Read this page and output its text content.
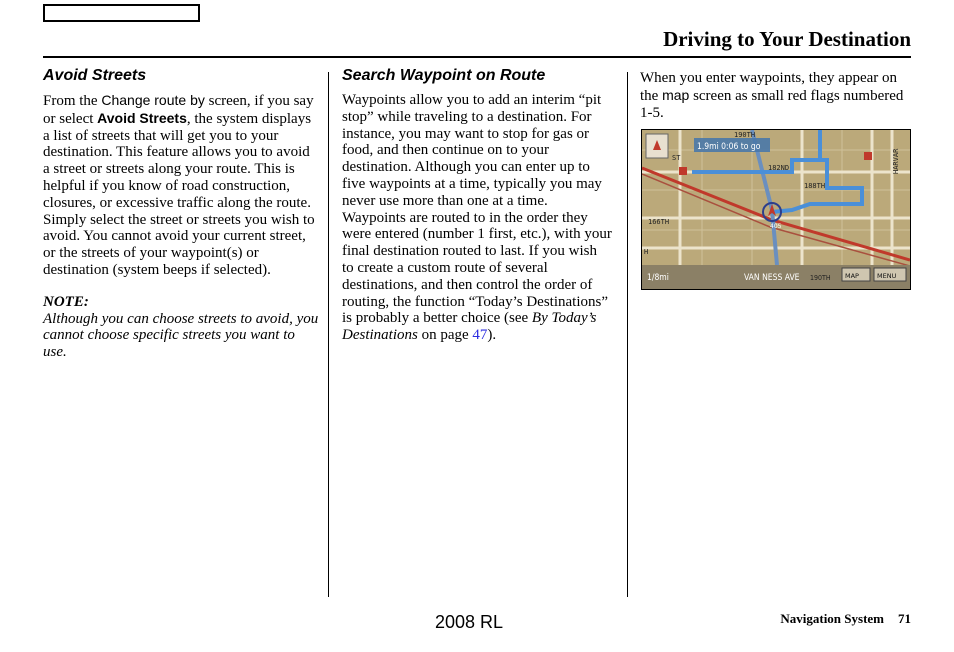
Driving to Your Destination
Avoid Streets

From the Change route by screen, if you say or select Avoid Streets, the system displays a list of streets that will get you to your destination. This feature allows you to avoid a street or streets along your route. This is helpful if you know of road construction, closures, or excessive traffic along the route. Simply select the street or streets you wish to avoid. You cannot avoid your current street, or the streets of your waypoint(s) or destination (system beeps if selected).

NOTE:

Although you can choose streets to avoid, you cannot choose specific streets you want to use.

Search Waypoint on Route

Waypoints allow you to add an interim “pit stop” while traveling to a destination. For instance, you may want to stop for gas or food, and then continue on to your destination. Although you can enter up to five waypoints at a time, typically you may never use more than one at a time. Waypoints are routed to in the order they were entered (number 1 first, etc.), with your final destination routed to last. If you wish to create a custom route of several destinations, and then control the order of routing, the function “Today’s Destinations” is probably a better choice (see By Today’s Destinations on page 47).

When you enter waypoints, they appear on the map screen as small red flags numbered 1-5.

190TH
182ND
166TH
188TH
ST
H
HARVAR
405
1.9mi 0:06 to go
1/8mi	VAN NESS AVE 190TH MAP	MENU
2008 RL	Navigation System 71
